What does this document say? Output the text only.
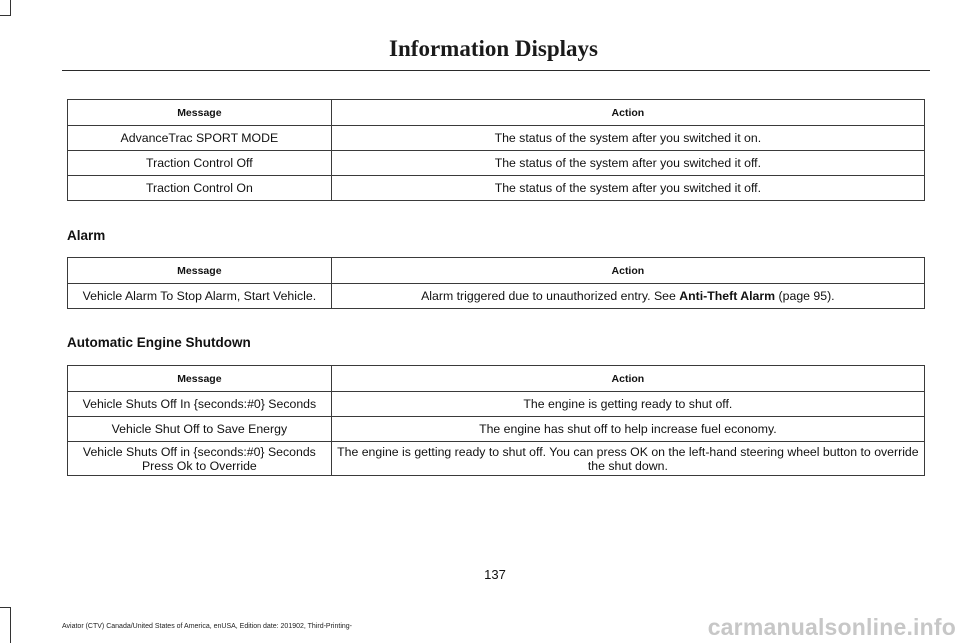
Information Displays
Message	Action
AdvanceTrac SPORT MODE	The status of the system after you switched it on.
Traction Control Off	The status of the system after you switched it off.
Traction Control On	The status of the system after you switched it off.
Alarm
Message	Action
Vehicle Alarm To Stop Alarm, Start Vehicle.	Alarm triggered due to unauthorized entry. See Anti-Theft Alarm (page 95).
Automatic Engine Shutdown
Message	Action
Vehicle Shuts Off In {seconds:#0} Seconds	The engine is getting ready to shut off.
Vehicle Shut Off to Save Energy	The engine has shut off to help increase fuel economy.
Vehicle Shuts Off in {seconds:#0} Seconds Press Ok to Override	The engine is getting ready to shut off. You can press OK on the left-hand steering wheel button to override the shut down.
137
Aviator (CTV) Canada/United States of America, enUSA, Edition date: 201902, Third-Printing-	carmanualsonline.info
